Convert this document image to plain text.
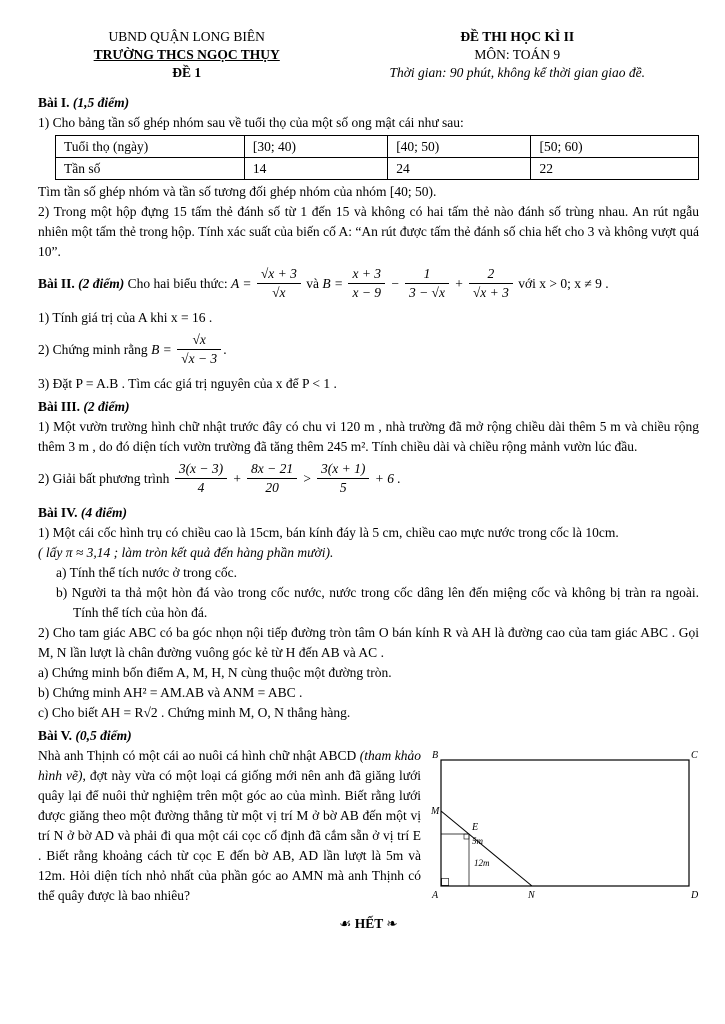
UBND QUẬN LONG BIÊN
TRƯỜNG THCS NGỌC THỤY
ĐỀ 1
ĐỀ THI HỌC KÌ II
MÔN: TOÁN 9
Thời gian: 90 phút, không kể thời gian giao đề.

Bài I. (1,5 điểm)

1) Cho bảng tần số ghép nhóm sau về tuổi thọ của một số ong mật cái như sau:

Tuổi thọ (ngày)	[30; 40)	[40; 50)	[50; 60)
Tần số	14	24	22

Tìm tần số ghép nhóm và tần số tương đối ghép nhóm của nhóm [40; 50).

2) Trong một hộp đựng 15 tấm thẻ đánh số từ 1 đến 15 và không có hai tấm thẻ nào đánh số trùng nhau. An rút ngẫu nhiên một tấm thẻ trong hộp. Tính xác suất của biến cố A: “An rút được tấm thẻ đánh số chia hết cho 3 và không vượt quá 10”.

Bài II. (2 điểm) Cho hai biểu thức: $A = \frac{√x + 3}{√x}$ và $B = \frac{x + 3}{x - 9} - \frac{1}{3 - √x} + \frac{2}{√x + 3}$ với x > 0; x ≠ 9 .

1) Tính giá trị của A khi x = 16 .

2) Chứng minh rằng $B = \frac{√x}{√x - 3}$ .

3) Đặt P = A.B . Tìm các giá trị nguyên của x để P < 1 .

Bài III. (2 điểm)

1) Một vườn trường hình chữ nhật trước đây có chu vi 120 m , nhà trường đã mở rộng chiều dài thêm 5 m và chiều rộng thêm 3 m , do đó diện tích vườn trường đã tăng thêm 245 m². Tính chiều dài và chiều rộng mảnh vườn lúc đầu.

2) Giải bất phương trình $\frac{3(x - 3)}{4} + \frac{8x - 21}{20} > \frac{3(x + 1)}{5} + 6$ .

Bài IV. (4 điểm)

1) Một cái cốc hình trụ có chiều cao là 15cm, bán kính đáy là 5 cm, chiều cao mực nước trong cốc là 10cm.

( lấy π ≈ 3,14 ; làm tròn kết quả đến hàng phần mười).

a) Tính thể tích nước ở trong cốc.

b) Người ta thả một hòn đá vào trong cốc nước, nước trong cốc dâng lên đến miệng cốc và không bị tràn ra ngoài. Tính thể tích của hòn đá.

2) Cho tam giác ABC có ba góc nhọn nội tiếp đường tròn tâm O bán kính R và AH là đường cao của tam giác ABC . Gọi M, N lần lượt là chân đường vuông góc kẻ từ H đến AB và AC .

a) Chứng minh bốn điểm A, M, H, N cùng thuộc một đường tròn.

b) Chứng minh AH² = AM.AB và ANM = ABC .

c) Cho biết AH = R√2 . Chứng minh M, O, N thẳng hàng.

Bài V. (0,5 điểm)

B	C
A	D
M
N
E
5m
12m

Nhà anh Thịnh có một cái ao nuôi cá hình chữ nhật ABCD (tham khảo hình vẽ), đợt này vừa có một loại cá giống mới nên anh đã giăng lưới quây lại để nuôi thử nghiệm trên một góc ao của mình. Biết rằng lưới được giăng theo một đường thẳng từ một vị trí M ở bờ AB đến một vị trí N ở bờ AD và phải đi qua một cái cọc cố định đã cắm sẵn ở vị trí E . Biết rằng khoảng cách từ cọc E đến bờ AB, AD lần lượt là 5m và 12m. Hỏi diện tích nhỏ nhất của phần góc ao AMN mà anh Thịnh có thể quây được là bao nhiêu?

☙ HẾT ❧
